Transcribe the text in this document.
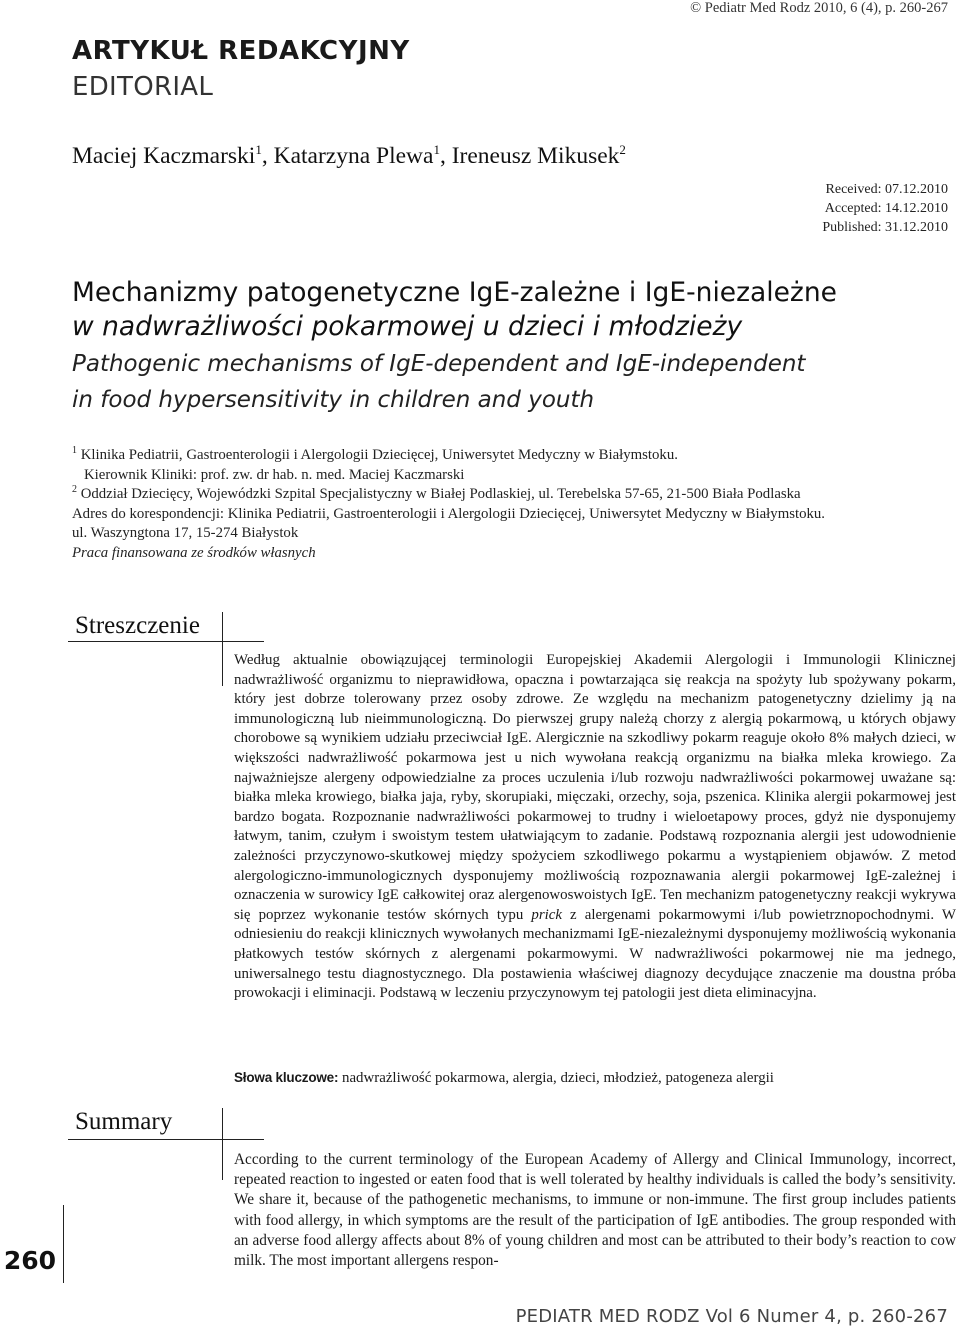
© Pediatr Med Rodz 2010, 6 (4), p. 260-267
ARTYKUŁ REDAKCYJNY
EDITORIAL
Maciej Kaczmarski$^1$, Katarzyna Plewa$^1$, Ireneusz Mikusek$^2$
Received: 07.12.2010
Accepted: 14.12.2010
Published: 31.12.2010
Mechanizmy patogenetyczne IgE-zależne i IgE-niezależne
w nadwrażliwości pokarmowej u dzieci i młodzieży
Pathogenic mechanisms of IgE-dependent and IgE-independent
in food hypersensitivity in children and youth
$^1$ Klinika Pediatrii, Gastroenterologii i Alergologii Dziecięcej, Uniwersytet Medyczny w Białymstoku.
Kierownik Kliniki: prof. zw. dr hab. n. med. Maciej Kaczmarski
$^2$ Oddział Dziecięcy, Wojewódzki Szpital Specjalistyczny w Białej Podlaskiej, ul. Terebelska 57-65, 21-500 Biała Podlaska
Adres do korespondencji: Klinika Pediatrii, Gastroenterologii i Alergologii Dziecięcej, Uniwersytet Medyczny w Białymstoku.
ul. Waszyngtona 17, 15-274 Białystok
Praca finansowana ze środków własnych
Streszczenie
Według aktualnie obowiązującej terminologii Europejskiej Akademii Alergologii i Immunologii Klinicznej nadwrażliwość organizmu to nieprawidłowa, opaczna i powtarzająca się reakcja na spożyty lub spożywany pokarm, który jest dobrze tolerowany przez osoby zdrowe. Ze względu na mechanizm patogenetyczny dzielimy ją na immunologiczną lub nieimmunologiczną. Do pierwszej grupy należą chorzy z alergią pokarmową, u których objawy chorobowe są wynikiem udziału przeciwciał IgE. Alergicznie na szkodliwy pokarm reaguje około 8% małych dzieci, w większości nadwrażliwość pokarmowa jest u nich wywołana reakcją organizmu na białka mleka krowiego. Za najważniejsze alergeny odpowiedzialne za proces uczulenia i/lub rozwoju nadwrażliwości pokarmowej uważane są: białka mleka krowiego, białka jaja, ryby, skorupiaki, mięczaki, orzechy, soja, pszenica. Klinika alergii pokarmowej jest bardzo bogata. Rozpoznanie nadwrażliwości pokarmowej to trudny i wieloetapowy proces, gdyż nie dysponujemy łatwym, tanim, czułym i swoistym testem ułatwiającym to zadanie. Podstawą rozpoznania alergii jest udowodnienie zależności przyczynowo-skutkowej między spożyciem szkodliwego pokarmu a wystąpieniem objawów. Z metod alergologiczno-immunologicznych dysponujemy możliwością rozpoznawania alergii pokarmowej IgE-zależnej i oznaczenia w surowicy IgE całkowitej oraz alergenowoswoistych IgE. Ten mechanizm patogenetyczny reakcji wykrywa się poprzez wykonanie testów skórnych typu prick z alergenami pokarmowymi i/lub powietrznopochodnymi. W odniesieniu do reakcji klinicznych wywołanych mechanizmami IgE-niezależnymi dysponujemy możliwością wykonania płatkowych testów skórnych z alergenami pokarmowymi. W nadwrażliwości pokarmowej nie ma jednego, uniwersalnego testu diagnostycznego. Dla postawienia właściwej diagnozy decydujące znaczenie ma doustna próba prowokacji i eliminacji. Podstawą w leczeniu przyczynowym tej patologii jest dieta eliminacyjna.
Słowa kluczowe: nadwrażliwość pokarmowa, alergia, dzieci, młodzież, patogeneza alergii
Summary
According to the current terminology of the European Academy of Allergy and Clinical Immunology, incorrect, repeated reaction to ingested or eaten food that is well tolerated by healthy individuals is called the body’s sensitivity. We share it, because of the pathogenetic mechanisms, to immune or non-immune. The first group includes patients with food allergy, in which symptoms are the result of the participation of IgE antibodies. The group responded with an adverse food allergy affects about 8% of young children and most can be attributed to their body’s reaction to cow milk. The most important allergens respon-
260
PEDIATR MED RODZ Vol 6 Numer 4, p. 260-267
